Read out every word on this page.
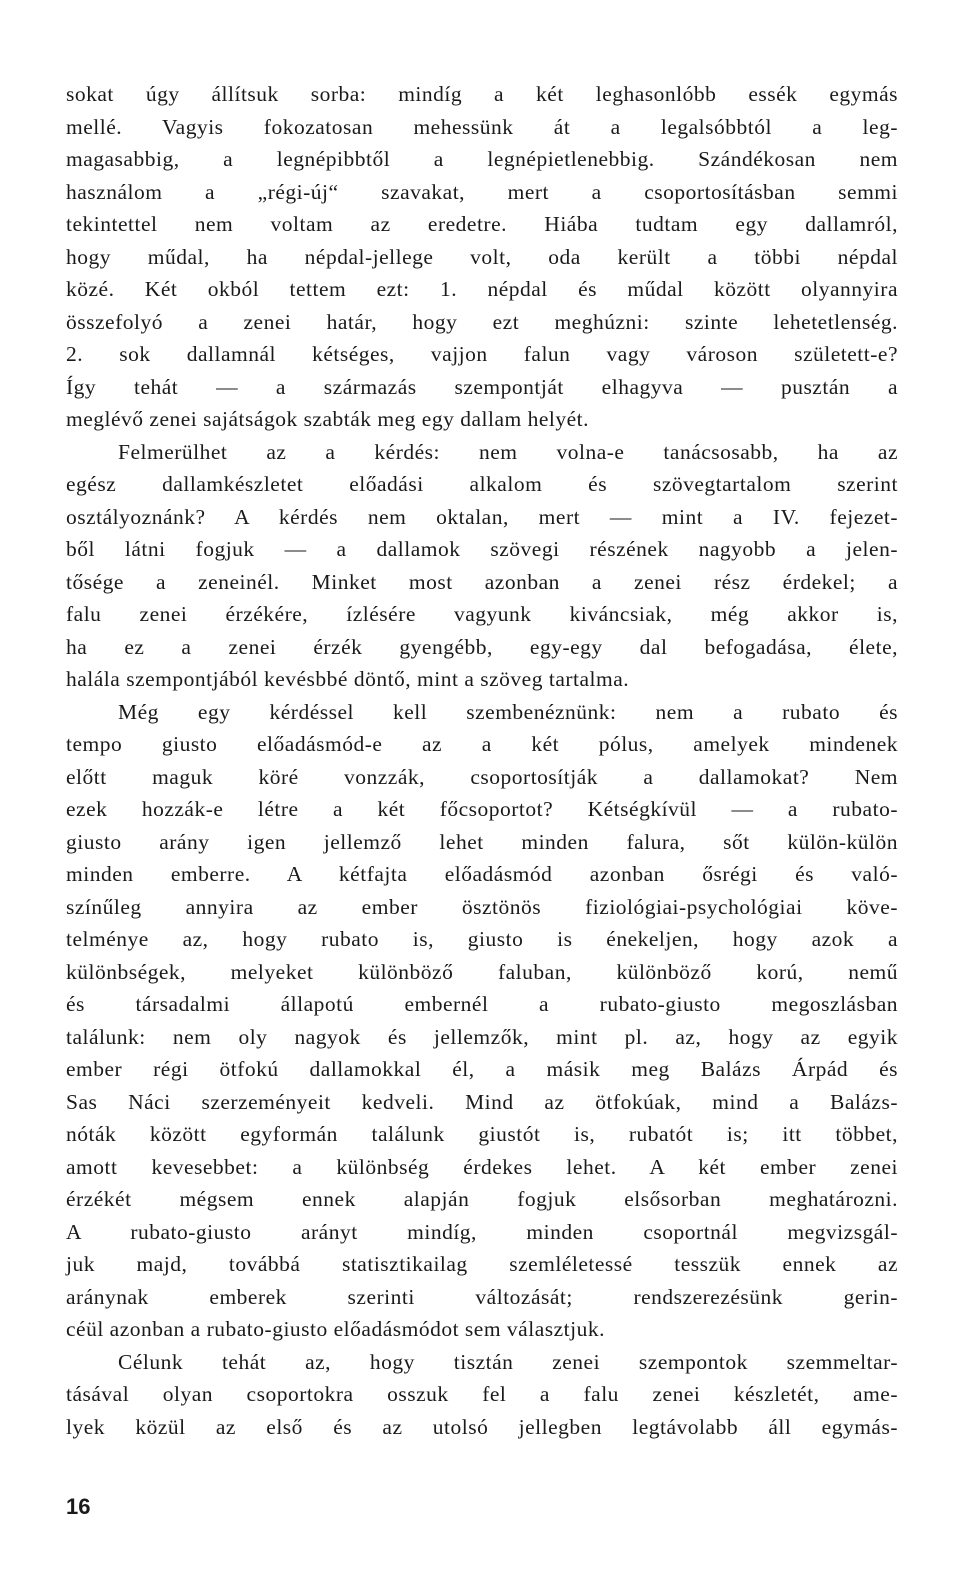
sokat úgy állítsuk sorba: mindíg a két leghasonlóbb essék egymás
mellé. Vagyis fokozatosan mehessünk át a legalsóbbtól a leg-
magasabbig, a legnépibbtől a legnépietlenebbig. Szándékosan nem
használom a „régi-új“ szavakat, mert a csoportosításban semmi
tekintettel nem voltam az eredetre. Hiába tudtam egy dallamról,
hogy műdal, ha népdal-jellege volt, oda került a többi népdal
közé. Két okból tettem ezt: 1. népdal és műdal között olyannyira
összefolyó a zenei határ, hogy ezt meghúzni: szinte lehetetlenség.
2. sok dallamnál kétséges, vajjon falun vagy városon született-e?
Így tehát — a származás szempontját elhagyva — pusztán a
meglévő zenei sajátságok szabták meg egy dallam helyét.
Felmerülhet az a kérdés: nem volna-e tanácsosabb, ha az
egész dallamkészletet előadási alkalom és szövegtartalom szerint
osztályoznánk? A kérdés nem oktalan, mert — mint a IV. fejezet-
ből látni fogjuk — a dallamok szövegi részének nagyobb a jelen-
tősége a zeneinél. Minket most azonban a zenei rész érdekel; a
falu zenei érzékére, ízlésére vagyunk kiváncsiak, még akkor is,
ha ez a zenei érzék gyengébb, egy-egy dal befogadása, élete,
halála szempontjából kevésbbé döntő, mint a szöveg tartalma.
Még egy kérdéssel kell szembenéznünk: nem a rubato és
tempo giusto előadásmód-e az a két pólus, amelyek mindenek
előtt maguk köré vonzzák, csoportosítják a dallamokat? Nem
ezek hozzák-e létre a két főcsoportot? Kétségkívül — a rubato-
giusto arány igen jellemző lehet minden falura, sőt külön-külön
minden emberre. A kétfajta előadásmód azonban ősrégi és való-
színűleg annyira az ember ösztönös fiziológiai-psychológiai köve-
telménye az, hogy rubato is, giusto is énekeljen, hogy azok a
különbségek, melyeket különböző faluban, különböző korú, nemű
és társadalmi állapotú embernél a rubato-giusto megoszlásban
találunk: nem oly nagyok és jellemzők, mint pl. az, hogy az egyik
ember régi ötfokú dallamokkal él, a másik meg Balázs Árpád és
Sas Náci szerzeményeit kedveli. Mind az ötfokúak, mind a Balázs-
nóták között egyformán találunk giustót is, rubatót is; itt többet,
amott kevesebbet: a különbség érdekes lehet. A két ember zenei
érzékét mégsem ennek alapján fogjuk elsősorban meghatározni.
A rubato-giusto arányt mindíg, minden csoportnál megvizsgál-
juk majd, továbbá statisztikailag szemléletessé tesszük ennek az
aránynak emberek szerinti változását; rendszerezésünk gerin-
céül azonban a rubato-giusto előadásmódot sem választjuk.
Célunk tehát az, hogy tisztán zenei szempontok szemmeltar-
tásával olyan csoportokra osszuk fel a falu zenei készletét, ame-
lyek közül az első és az utolsó jellegben legtávolabb áll egymás-
16
